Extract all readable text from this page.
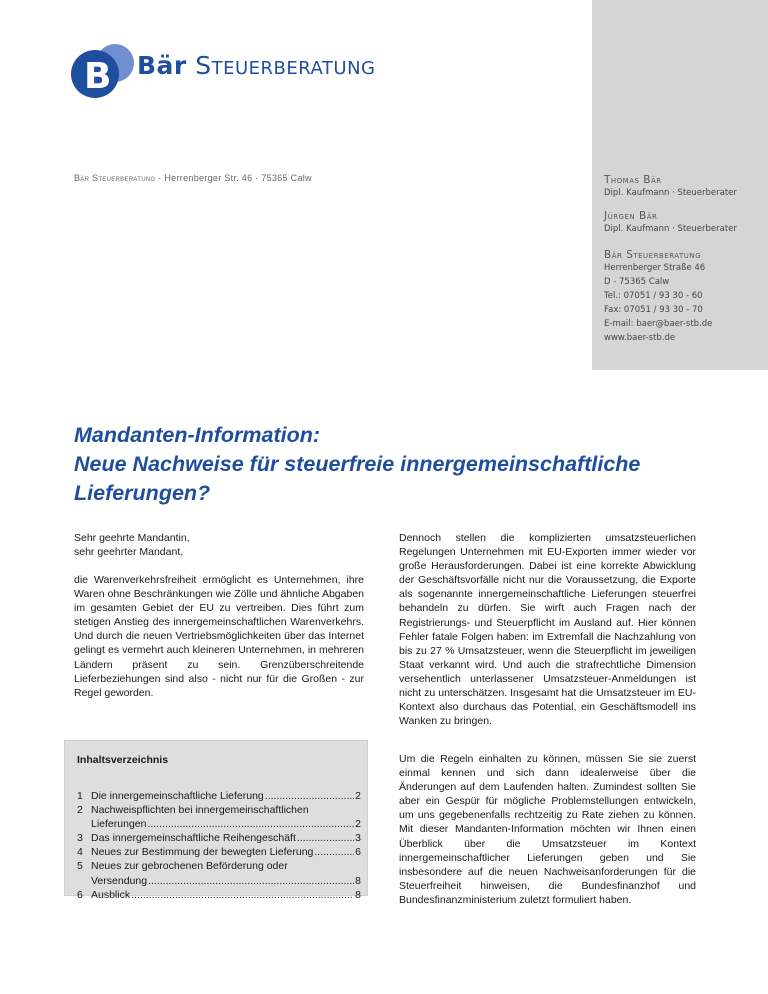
B Bär Steuerberatung
Bär Steuerberatung · Herrenberger Str. 46 · 75365 Calw	Thomas Bär
Dipl. Kaufmann · Steuerberater
Jürgen Bär
Dipl. Kaufmann · Steuerberater
Bär Steuerberatung
Herrenberger Straße 46
D - 75365 Calw
Tel.: 07051 / 93 30 - 60
Fax: 07051 / 93 30 - 70
E-mail: baer@baer-stb.de
www.baer-stb.de
Mandanten-Information:
Neue Nachweise für steuerfreie innergemeinschaftliche
Lieferungen?

Sehr geehrte Mandantin,

sehr geehrter Mandant,

die Warenverkehrsfreiheit ermöglicht es Unternehmen, ihre Waren ohne Beschränkungen wie Zölle und ähnliche Abgaben im gesamten Gebiet der EU zu vertreiben. Dies führt zum stetigen Anstieg des innergemeinschaftlichen Warenverkehrs. Und durch die neuen Vertriebsmöglichkeiten über das Internet gelingt es vermehrt auch kleineren Unternehmen, in mehreren Ländern präsent zu sein. Grenzüberschreitende Lieferbeziehungen sind also - nicht nur für die Großen - zur Regel geworden.

Inhaltsverzeichnis
1 Die innergemeinschaftliche Lieferung .....	2
2 Nachweispflichten bei innergemeinschaftlichen
Lieferungen .....	2
3 Das innergemeinschaftliche Reihengeschäft .....	3
4 Neues zur Bestimmung der bewegten Lieferung .....	6
5 Neues zur gebrochenen Beförderung oder
Versendung .....	8
6 Ausblick .....	8

Dennoch stellen die komplizierten umsatzsteuerlichen Regelungen Unternehmen mit EU-Exporten immer wieder vor große Herausforderungen. Dabei ist eine korrekte Abwicklung der Geschäftsvorfälle nicht nur die Voraussetzung, die Exporte als sogenannte innergemeinschaftliche Lieferungen steuerfrei behandeln zu dürfen. Sie wirft auch Fragen nach der Registrierungs- und Steuerpflicht im Ausland auf. Hier können Fehler fatale Folgen haben: im Extremfall die Nachzahlung von bis zu 27 % Umsatzsteuer, wenn die Steuerpflicht im jeweiligen Staat verkannt wird. Und auch die strafrechtliche Dimension versehentlich unterlassener Umsatzsteuer-Anmeldungen ist nicht zu unterschätzen. Insgesamt hat die Umsatzsteuer im EU-Kontext also durchaus das Potential, ein Geschäftsmodell ins Wanken zu bringen.

Um die Regeln einhalten zu können, müssen Sie sie zuerst einmal kennen und sich dann idealerweise über die Änderungen auf dem Laufenden halten. Zumindest sollten Sie aber ein Gespür für mögliche Problemstellungen entwickeln, um uns gegebenenfalls rechtzeitig zu Rate ziehen zu können. Mit dieser Mandanten-Information möchten wir Ihnen einen Überblick über die Umsatzsteuer im Kontext innergemeinschaftlicher Lieferungen geben und Sie insbesondere auf die neuen Nachweisanforderungen für die Steuerfreiheit hinweisen, die Bundesfinanzhof und Bundesfinanzministerium zuletzt formuliert haben.
